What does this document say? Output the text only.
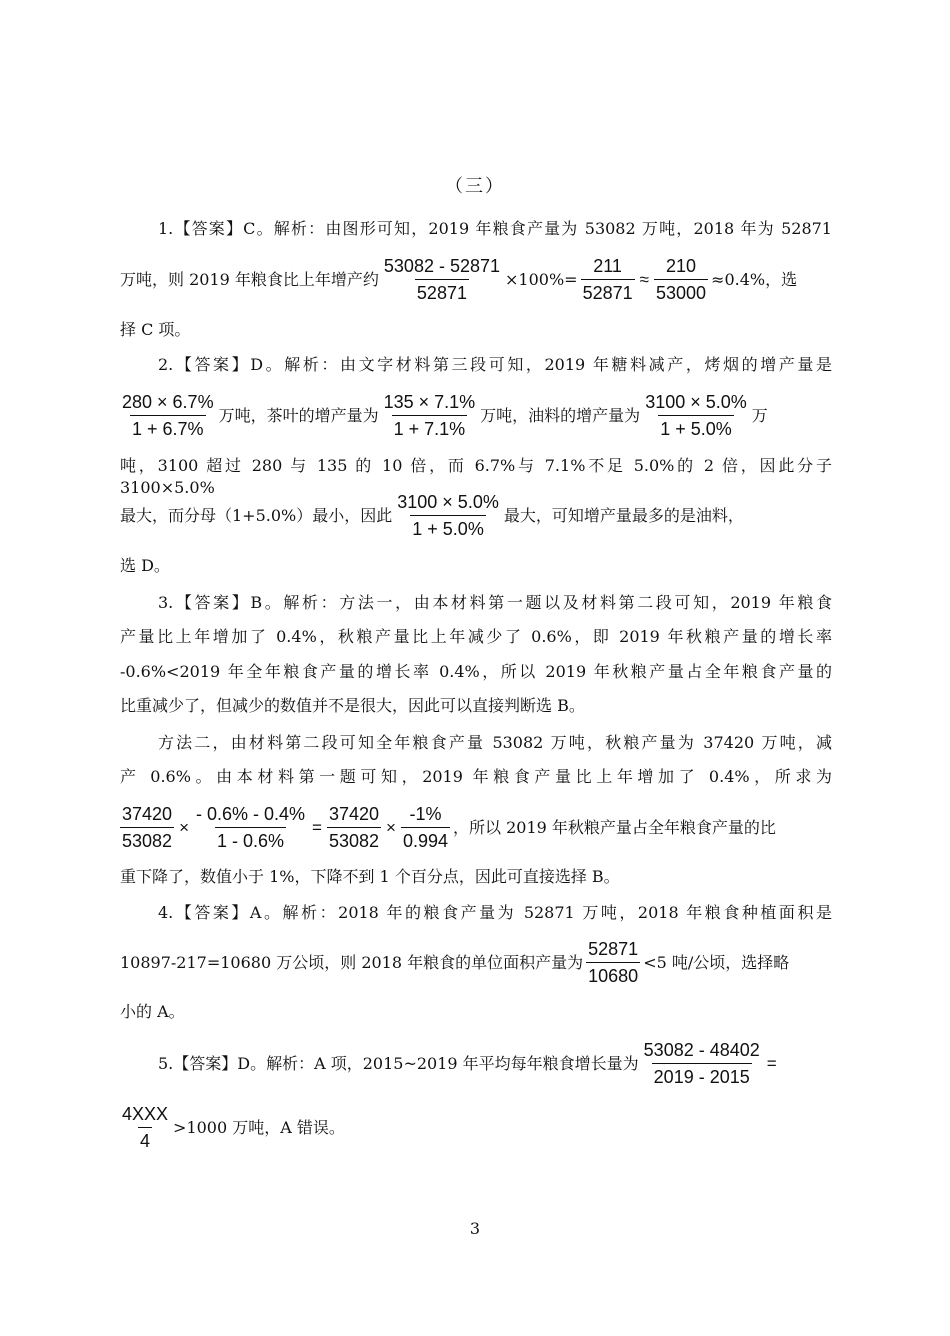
（三）
1.【答案】C。解析：由图形可知，2019 年粮食产量为 53082 万吨，2018 年为 52871
万吨，则 2019 年粮食比上年增产约 $\frac{53082 - 52871}{52871} \times 100\%= \frac{211}{52871} \approx \frac{210}{53000} \approx 0.4\%$，选
择 C 项。
2.【答案】D。解析：由文字材料第三段可知，2019 年糖料减产，烤烟的增产量是
$\frac{280 \times 6.7\%}{1 + 6.7\%}$ 万吨，茶叶的增产量为 $\frac{135 \times 7.1\%}{1 + 7.1\%}$ 万吨，油料的增产量为 $\frac{3100 \times 5.0\%}{1 + 5.0\%}$ 万
吨，3100 超过 280 与 135 的 10 倍，而 6.7%与 7.1%不足 5.0%的 2 倍，因此分子 3100×5.0%
最大，而分母（1+5.0%）最小，因此 $\frac{3100 \times 5.0\%}{1 + 5.0\%}$ 最大，可知增产量最多的是油料，
选 D。
3.【答案】B。解析：方法一，由本材料第一题以及材料第二段可知，2019 年粮食
产量比上年增加了 0.4%，秋粮产量比上年减少了 0.6%，即 2019 年秋粮产量的增长率
-0.6%<2019 年全年粮食产量的增长率 0.4%，所以 2019 年秋粮产量占全年粮食产量的
比重减少了，但减少的数值并不是很大，因此可以直接判断选 B。
方法二，由材料第二段可知全年粮食产量 53082 万吨，秋粮产量为 37420 万吨，减
产 0.6%。由本材料第一题可知，2019 年粮食产量比上年增加了 0.4%，所求为
$\frac{37420}{53082} \times \frac{- 0.6\% - 0.4\%}{1 - 0.6\%} = \frac{37420}{53082} \times \frac{-1\%}{0.994}$ ，所以 2019 年秋粮产量占全年粮食产量的比
重下降了，数值小于 1%，下降不到 1 个百分点，因此可直接选择 B。
4.【答案】A。解析：2018 年的粮食产量为 52871 万吨，2018 年粮食种植面积是
10897-217=10680 万公顷，则 2018 年粮食的单位面积产量为 $\frac{52871}{10680} <5$ 吨/公顷，选择略
小的 A。
5.【答案】D。解析：A 项，2015~2019 年平均每年粮食增长量为 $\frac{53082 - 48402}{2019 - 2015}$ =
$\frac{\text{4XXX}}{4} >1000$ 万吨，A 错误。
3
